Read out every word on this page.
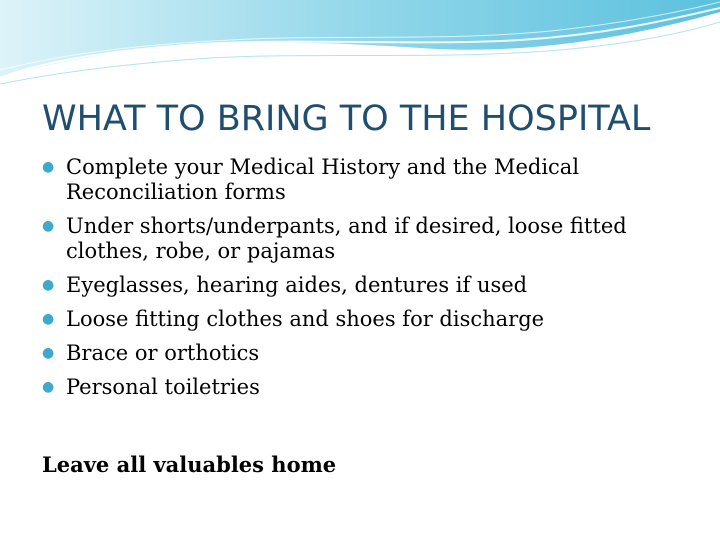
WHAT TO BRING TO THE HOSPITAL
● Complete your Medical History and the Medical Reconciliation forms
● Under shorts/underpants, and if desired, loose fitted clothes, robe, or pajamas
● Eyeglasses, hearing aides, dentures if used
● Loose fitting clothes and shoes for discharge
● Brace or orthotics
● Personal toiletries
Leave all valuables home
